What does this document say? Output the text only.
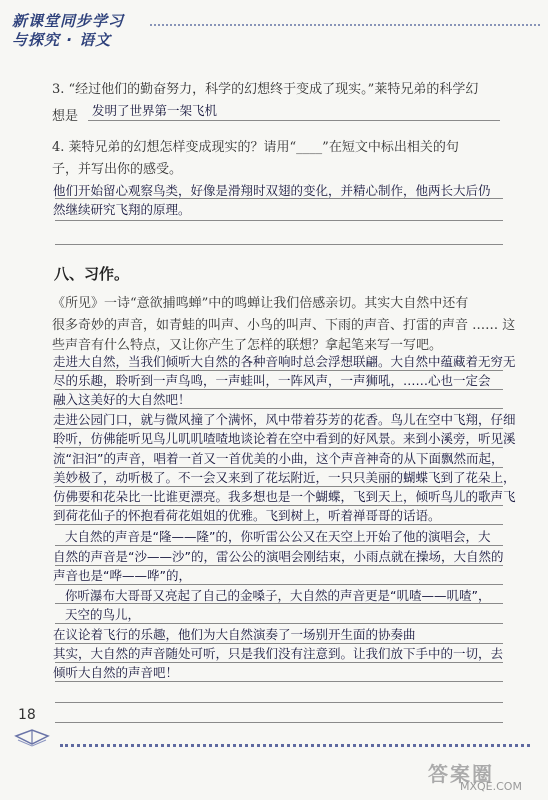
新课堂同步学习
与探究 · 语文
3. “经过他们的勤奋努力，科学的幻想终于变成了现实。”莱特兄弟的科学幻
想是 发明了世界第一架飞机
4. 莱特兄弟的幻想怎样变成现实的？请用“____”在短文中标出相关的句
子，并写出你的感受。
他们开始留心观察鸟类，好像是滑翔时双翅的变化，并精心制作，他两长大后仍
然继续研究飞翔的原理。
八、习作。
《所见》一诗“意欲捕鸣蝉”中的鸣蝉让我们倍感亲切。其实大自然中还有
很多奇妙的声音，如青蛙的叫声、小鸟的叫声、下雨的声音、打雷的声音 …… 这
些声音有什么特点，又让你产生了怎样的联想？拿起笔来写一写吧。
走进大自然，当我们倾听大自然的各种音响时总会浮想联翩。大自然中蕴藏着无穷无
尽的乐趣，聆听到一声鸟鸣，一声蛙叫，一阵风声，一声狮吼，……心也一定会
融入这美好的大自然吧！
走进公园门口，就与微风撞了个满怀，风中带着芬芳的花香。鸟儿在空中飞翔，仔细
聆听，仿佛能听见鸟儿叽叽喳喳地谈论着在空中看到的好风景。来到小溪旁，听见溪
流“汩汩”的声音，唱着一首又一首优美的小曲，这个声音神奇的从下面飘然而起，
美妙极了，动听极了。不一会又来到了花坛附近，一只只美丽的蝴蝶飞到了花朵上，
仿佛要和花朵比一比谁更漂亮。我多想也是一个蝴蝶，飞到天上，倾听鸟儿的歌声飞
到荷花仙子的怀抱看荷花姐姐的优雅。飞到树上，听着禅哥哥的话语。
大自然的声音是“隆——隆”的，你听雷公公又在天空上开始了他的演唱会，大
自然的声音是“沙——沙”的，雷公公的演唱会刚结束，小雨点就在操场，大自然的
声音也是“哗——哗”的，
你听瀑布大哥哥又亮起了自己的金嗓子，大自然的声音更是“叽喳——叽喳”，
天空的鸟儿，
在议论着飞行的乐趣，他们为大自然演奏了一场别开生面的协奏曲
其实，大自然的声音随处可听，只是我们没有注意到。让我们放下手中的一切，去
倾听大自然的声音吧！
18
答案圈
MXQE.COM
